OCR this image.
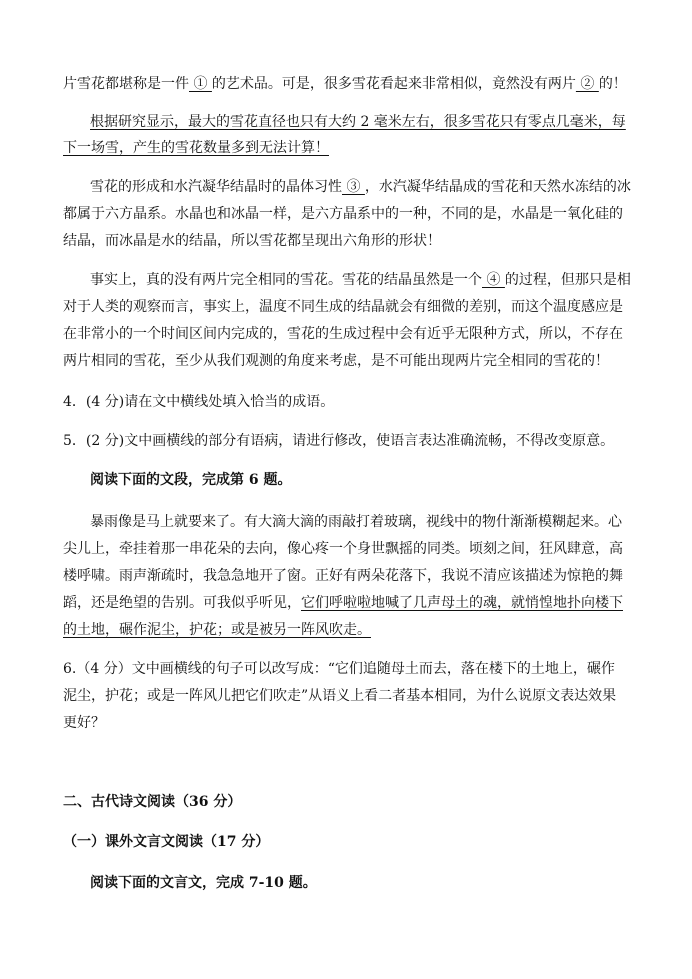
片雪花都堪称是一件 ① 的艺术品。可是，很多雪花看起来非常相似，竟然没有两片 ② 的！
根据研究显示，最大的雪花直径也只有大约 2 毫米左右，很多雪花只有零点几毫米，每
下一场雪，产生的雪花数量多到无法计算！
雪花的形成和水汽凝华结晶时的晶体习性 ③ ，水汽凝华结晶成的雪花和天然水冻结的冰
都属于六方晶系。水晶也和冰晶一样，是六方晶系中的一种，不同的是，水晶是一氧化硅的
结晶，而冰晶是水的结晶，所以雪花都呈现出六角形的形状！
事实上，真的没有两片完全相同的雪花。雪花的结晶虽然是一个 ④ 的过程，但那只是相
对于人类的观察而言，事实上，温度不同生成的结晶就会有细微的差别，而这个温度感应是
在非常小的一个时间区间内完成的，雪花的生成过程中会有近乎无限种方式，所以，不存在
两片相同的雪花，至少从我们观测的角度来考虑，是不可能出现两片完全相同的雪花的！
4．(4 分)请在文中横线处填入恰当的成语。
5．(2 分)文中画横线的部分有语病，请进行修改，使语言表达准确流畅，不得改变原意。
阅读下面的文段，完成第 6 题。
暴雨像是马上就要来了。有大滴大滴的雨敲打着玻璃，视线中的物什渐渐模糊起来。心
尖儿上，牵挂着那一串花朵的去向，像心疼一个身世飘摇的同类。顷刻之间，狂风肆意，高
楼呼啸。雨声渐疏时，我急急地开了窗。正好有两朵花落下，我说不清应该描述为惊艳的舞
蹈，还是绝望的告别。可我似乎听见，它们呼啦啦地喊了几声母土的魂，就悄惶地扑向楼下
的土地，碾作泥尘，护花；或是被另一阵风吹走。
6.（4 分）文中画横线的句子可以改写成：“它们追随母土而去，落在楼下的土地上，碾作
泥尘，护花；或是一阵风儿把它们吹走”从语义上看二者基本相同，为什么说原文表达效果
更好？
二、古代诗文阅读（36 分）
（一）课外文言文阅读（17 分）
阅读下面的文言文，完成 7-10 题。
